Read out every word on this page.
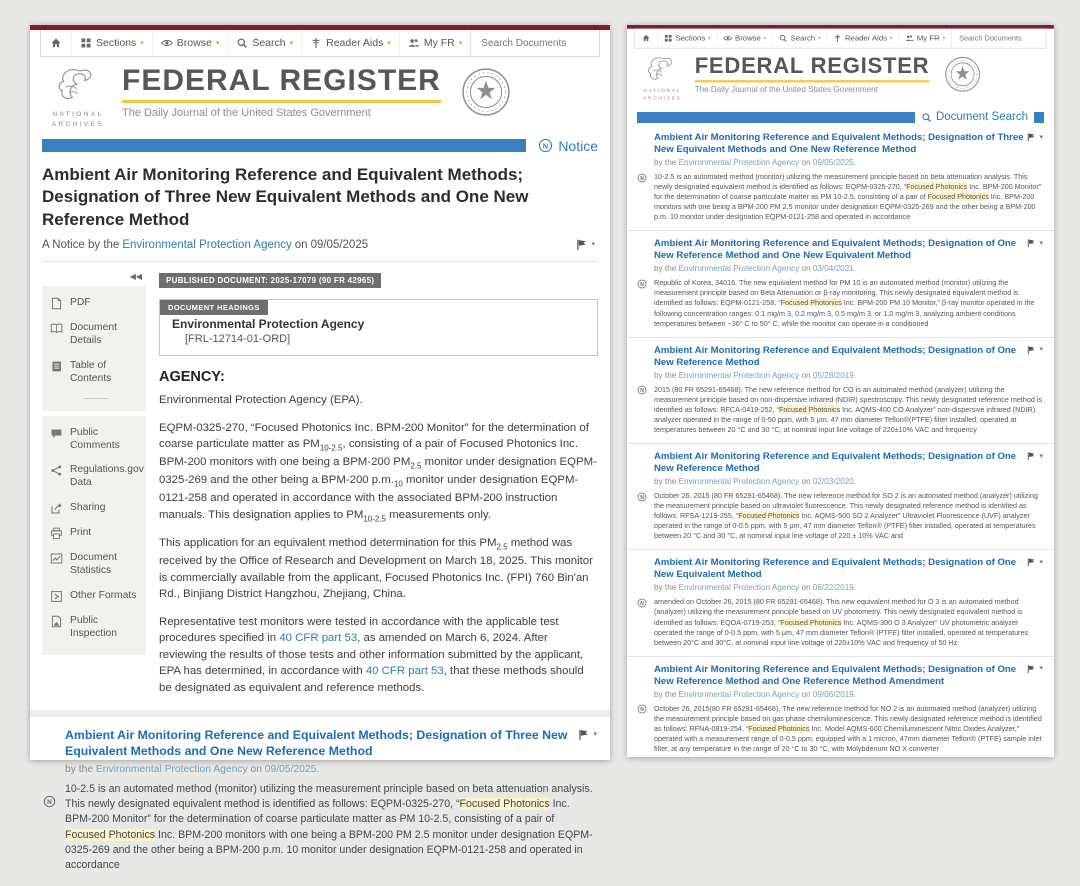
Sections ▾	Browse ▾	Search ▾	Reader Aids ▾	My FR ▾
Search Documents
NATIONAL
ARCHIVES
FEDERAL REGISTER
The Daily Journal of the United States Government
N Notice
Ambient Air Monitoring Reference and Equivalent Methods; Designation of Three New Equivalent Methods and One New Reference Method
A Notice by the Environmental Protection Agency on 09/05/2025	▾
◀◀
PDF
Document Details
Table of Contents
Public Comments
Regulations.gov Data
Sharing
Print
Document Statistics
Other Formats
Public Inspection
PUBLISHED DOCUMENT: 2025-17079 (90 FR 42965)
DOCUMENT HEADINGS
Environmental Protection Agency
[FRL-12714-01-ORD]
AGENCY:

Environmental Protection Agency (EPA).

EQPM-0325-270, “Focused Photonics Inc. BPM-200 Monitor” for the determination of coarse particulate matter as $PM_{10-2.5}$, consisting of a pair of Focused Photonics Inc. BPM-200 monitors with one being a BPM-200 $PM_{2.5}$ monitor under designation EQPM-0325-269 and the other being a BPM-200 $p.m._{10}$ monitor under designation EQPM-0121-258 and operated in accordance with the associated BPM-200 instruction manuals. This designation applies to $PM_{10-2.5}$ measurements only.

This application for an equivalent method determination for this $PM_{2.5}$ method was received by the Office of Research and Development on March 18, 2025. This monitor is commercially available from the applicant, Focused Photonics Inc. (FPI) 760 Bin'an Rd., Binjiang District Hangzhou, Zhejiang, China.

Representative test monitors were tested in accordance with the applicable test procedures specified in 40 CFR part 53, as amended on March 6, 2024. After reviewing the results of those tests and other information submitted by the applicant, EPA has determined, in accordance with 40 CFR part 53, that these methods should be designated as equivalent and reference methods.

N
Ambient Air Monitoring Reference and Equivalent Methods; Designation of Three New Equivalent Methods and One New Reference Method
▾
by the Environmental Protection Agency on 09/05/2025.
10-2.5 is an automated method (monitor) utilizing the measurement principle based on beta attenuation analysis. This newly designated equivalent method is identified as follows: EQPM-0325-270, “Focused Photonics Inc. BPM-200 Monitor” for the determination of coarse particulate matter as PM 10-2.5, consisting of a pair of Focused Photonics Inc. BPM-200 monitors with one being a BPM-200 PM 2.5 monitor under designation EQPM-0325-269 and the other being a BPM-200 p.m. 10 monitor under designation EQPM-0121-258 and operated in accordance
Sections ▾ Browse ▾ Search ▾ Reader Aids ▾ My FR ▾
Search Documents
NATIONAL
ARCHIVES
FEDERAL REGISTER
The Daily Journal of the United States Government
Document Search
N
Ambient Air Monitoring Reference and Equivalent Methods; Designation of Three New Equivalent Methods and One New Reference Method
▾
by the Environmental Protection Agency on 09/05/2025.
10-2.5 is an automated method (monitor) utilizing the measurement principle based on beta attenuation analysis. This newly designated equivalent method is identified as follows: EQPM-0325-270, “Focused Photonics Inc. BPM-200 Monitor” for the determination of coarse particulate matter as PM 10-2.5, consisting of a pair of Focused Photonics Inc. BPM-200 monitors with one being a BPM-200 PM 2.5 monitor under designation EQPM-0325-269 and the other being a BPM-200 p.m. 10 monitor under designation EQPM-0121-258 and operated in accordance
N
Ambient Air Monitoring Reference and Equivalent Methods; Designation of One New Reference Method and One New Equivalent Method
▾
by the Environmental Protection Agency on 03/04/2021.
Republic of Korea, 34016. The new equivalent method for PM 10 is an automated method (monitor) utilizing the measurement principle based on Beta Attenuation or β-ray monitoring. This newly designated equivalent method is identified as follows: EQPM-0121-258, “Focused Photonics Inc. BPM-200 PM 10 Monitor,” β-ray monitor operated in the following concentration ranges: 0.1 mg/m 3, 0.2 mg/m 3, 0.5 mg/m 3, or 1.0 mg/m 3, analyzing ambient conditions temperatures between −30° C to 50° C, while the monitor can operate in a conditioned
N
Ambient Air Monitoring Reference and Equivalent Methods; Designation of One New Reference Method
▾
by the Environmental Protection Agency on 05/28/2019.
2015 (80 FR 65291-65468). The new reference method for CO is an automated method (analyzer) utilizing the measurement principle based on non-dispersive infrared (NDIR) spectroscopy. This newly designated reference method is identified as follows: RFCA-0419-252, “Focused Photonics Inc. AQMS-400 CO Analyzer” non-dispersive infrared (NDIR) analyzer operated in the range of 0-50 ppm, with 5 μm, 47 mm diameter Teflon®(PTFE) filter installed, operated at temperatures between 20 °C and 30 °C, at nominal input line voltage of 220±10% VAC and frequency
N
Ambient Air Monitoring Reference and Equivalent Methods; Designation of One New Reference Method
▾
by the Environmental Protection Agency on 02/03/2020.
October 26, 2015 (80 FR 65291-65468). The new reference method for SO 2 is an automated method (analyzer) utilizing the measurement principle based on ultraviolet fluorescence. This newly designated reference method is identified as follows: RFSA-1219-255, “Focused Photonics Inc. AQMS-500 SO 2 Analyzer” Ultraviolet Fluorescence (UVF) analyzer operated in the range of 0-0.5 ppm, with 5 μm, 47 mm diameter Teflon® (PTFE) filter installed, operated at temperatures between 20 °C and 30 °C, at nominal input line voltage of 220 ± 10% VAC and
N
Ambient Air Monitoring Reference and Equivalent Methods; Designation of One New Equivalent Method
▾
by the Environmental Protection Agency on 08/22/2019.
amended on October 26, 2015 (80 FR 65291-65468). This new equivalent method for O 3 is an automated method (analyzer) utilizing the measurement principle based on UV photometry. This newly designated equivalent method is identified as follows: EQOA-0719-253, “Focused Photonics Inc. AQMS-300 O 3 Analyzer” UV photometric analyzer operated the range of 0-0.5 ppm, with 5 μm, 47 mm diameter Teflon® (PTFE) filter installed, operated at temperatures between 20°C and 30°C, at nominal input line voltage of 220±10% VAC and frequency of 50 Hz
N
Ambient Air Monitoring Reference and Equivalent Methods; Designation of One New Reference Method and One Reference Method Amendment
▾
by the Environmental Protection Agency on 09/06/2019.
October 26, 2015(80 FR 65291-65468). The new reference method for NO 2 is an automated method (analyzer) utilizing the measurement principle based on gas phase chemiluminescence. This newly designated reference method is identified as follows: RFNA-0819-254, “Focused Photonics Inc. Model AQMS-600 Chemiluminescent Nitric Oxides Analyzer,” operated with a measurement range of 0-0.5 ppm, equipped with a 1 micron, 47mm diameter Teflon® (PTFE) sample inlet filter, at any temperature in the range of 20 °C to 30 °C, with Molybdenum NO X converter
